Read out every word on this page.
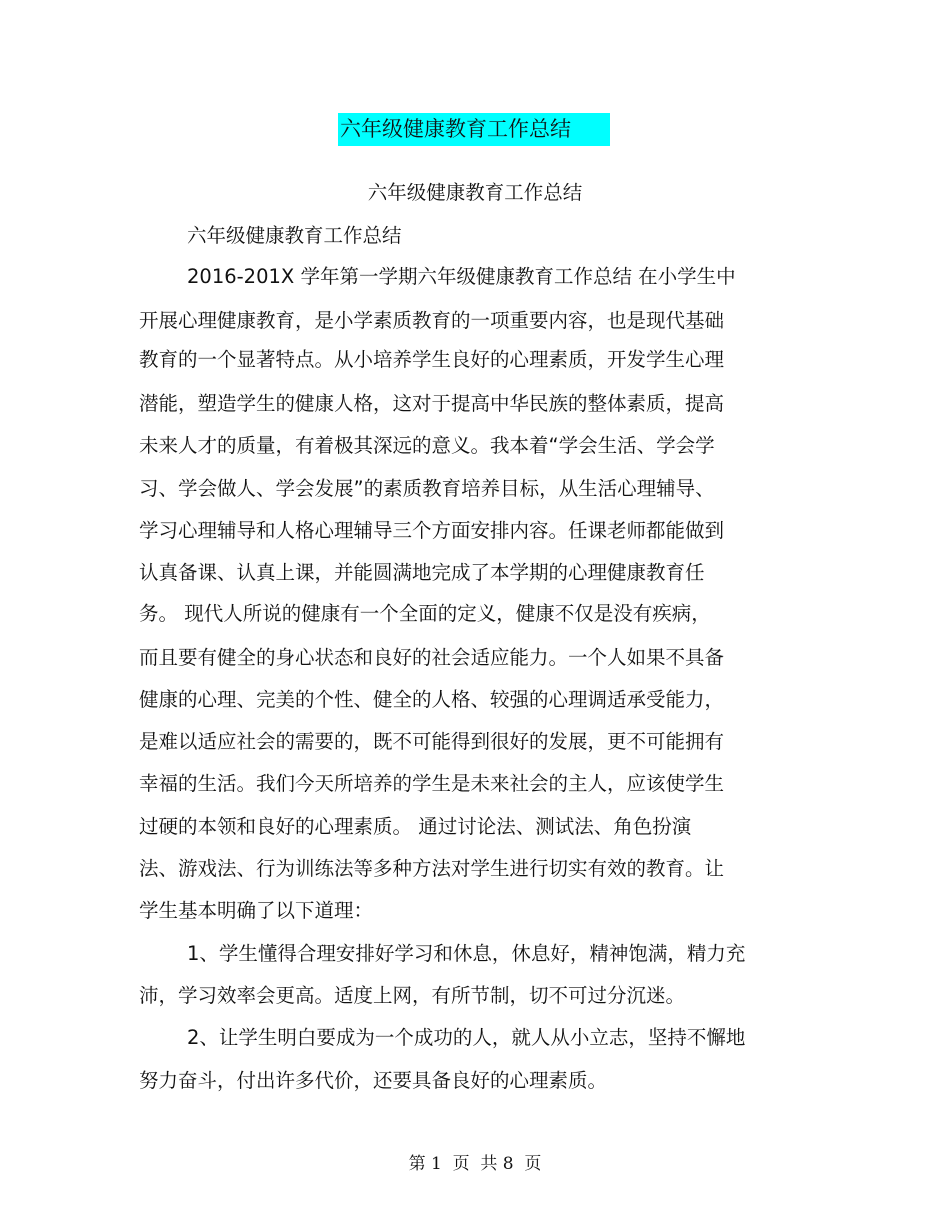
六年级健康教育工作总结
六年级健康教育工作总结
六年级健康教育工作总结
2016-201X 学年第一学期六年级健康教育工作总结 在小学生中
开展心理健康教育，是小学素质教育的一项重要内容，也是现代基础
教育的一个显著特点。从小培养学生良好的心理素质，开发学生心理
潜能，塑造学生的健康人格，这对于提高中华民族的整体素质，提高
未来人才的质量，有着极其深远的意义。我本着“学会生活、学会学
习、学会做人、学会发展”的素质教育培养目标，从生活心理辅导、
学习心理辅导和人格心理辅导三个方面安排内容。任课老师都能做到
认真备课、认真上课，并能圆满地完成了本学期的心理健康教育任
务。 现代人所说的健康有一个全面的定义，健康不仅是没有疾病，
而且要有健全的身心状态和良好的社会适应能力。一个人如果不具备
健康的心理、完美的个性、健全的人格、较强的心理调适承受能力，
是难以适应社会的需要的，既不可能得到很好的发展，更不可能拥有
幸福的生活。我们今天所培养的学生是未来社会的主人，应该使学生
过硬的本领和良好的心理素质。 通过讨论法、测试法、角色扮演
法、游戏法、行为训练法等多种方法对学生进行切实有效的教育。让
学生基本明确了以下道理：
1、学生懂得合理安排好学习和休息，休息好，精神饱满，精力充
沛，学习效率会更高。适度上网，有所节制，切不可过分沉迷。
2、让学生明白要成为一个成功的人，就人从小立志，坚持不懈地
努力奋斗，付出许多代价，还要具备良好的心理素质。
第 1  页  共 8  页
